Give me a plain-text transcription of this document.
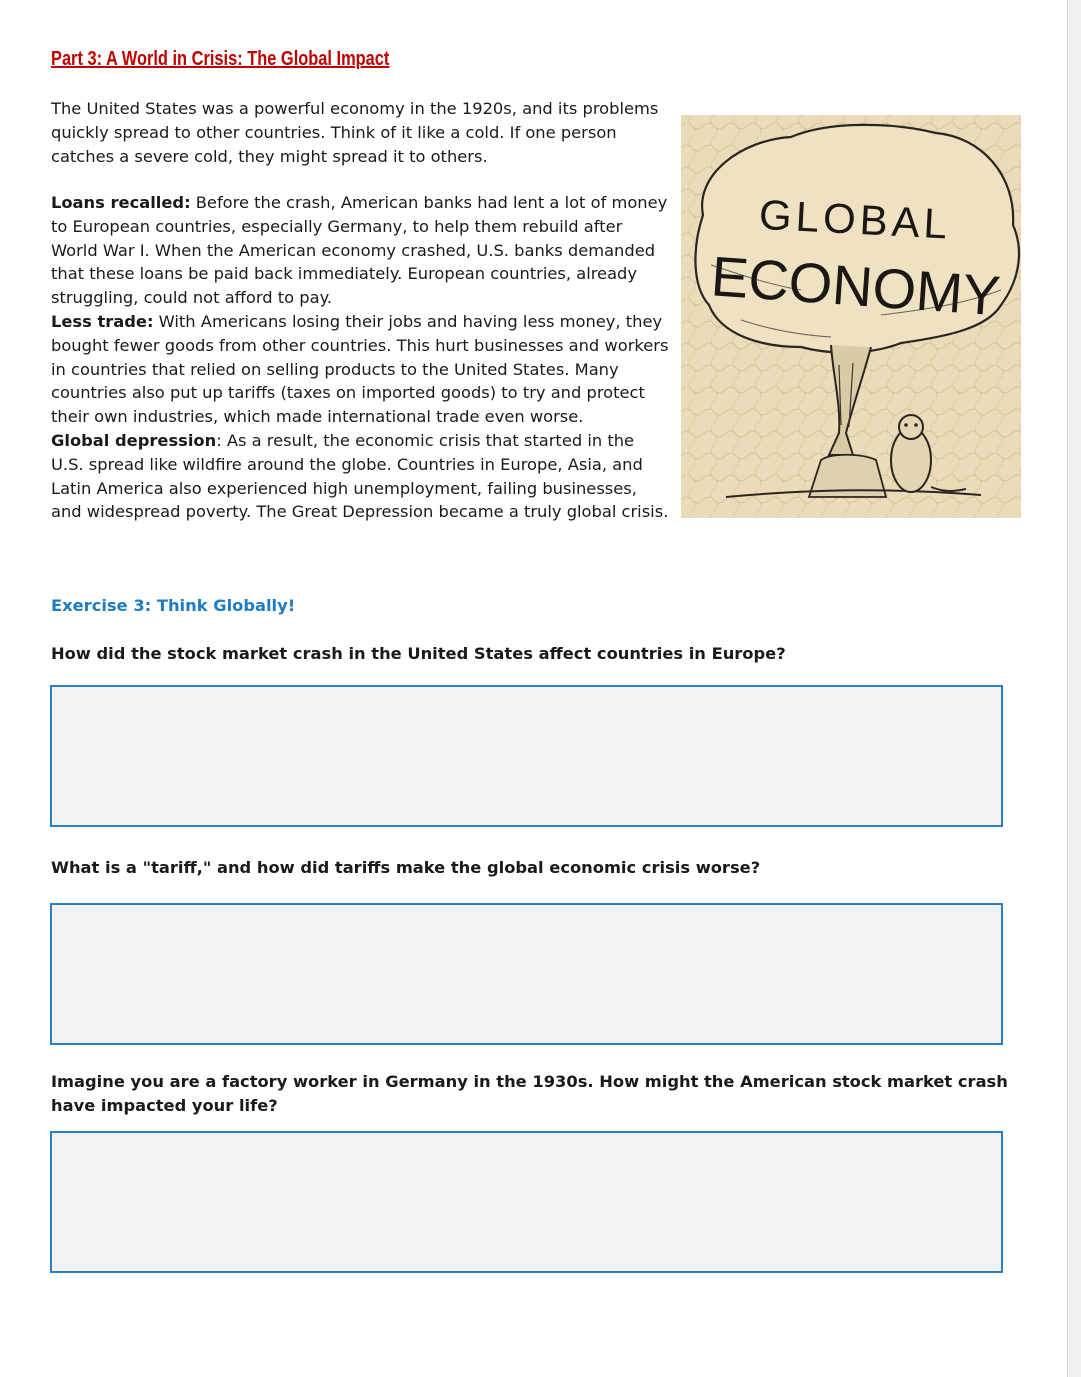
Part 3: A World in Crisis: The Global Impact

The United States was a powerful economy in the 1920s, and its problems quickly spread to other countries. Think of it like a cold. If one person catches a severe cold, they might spread it to others.

Loans recalled: Before the crash, American banks had lent a lot of money to European countries, especially Germany, to help them rebuild after World War I. When the American economy crashed, U.S. banks demanded that these loans be paid back immediately. European countries, already struggling, could not afford to pay.

Less trade: With Americans losing their jobs and having less money, they bought fewer goods from other countries. This hurt businesses and workers in countries that relied on selling products to the United States. Many countries also put up tariffs (taxes on imported goods) to try and protect their own industries, which made international trade even worse.

Global depression: As a result, the economic crisis that started in the U.S. spread like wildfire around the globe. Countries in Europe, Asia, and Latin America also experienced high unemployment, failing businesses, and widespread poverty. The Great Depression became a truly global crisis.

GLOBAL
ECONOMY
Exercise 3: Think Globally!

How did the stock market crash in the United States affect countries in Europe?

What is a "tariff," and how did tariffs make the global economic crisis worse?

Imagine you are a factory worker in Germany in the 1930s. How might the American stock market crash have impacted your life?
